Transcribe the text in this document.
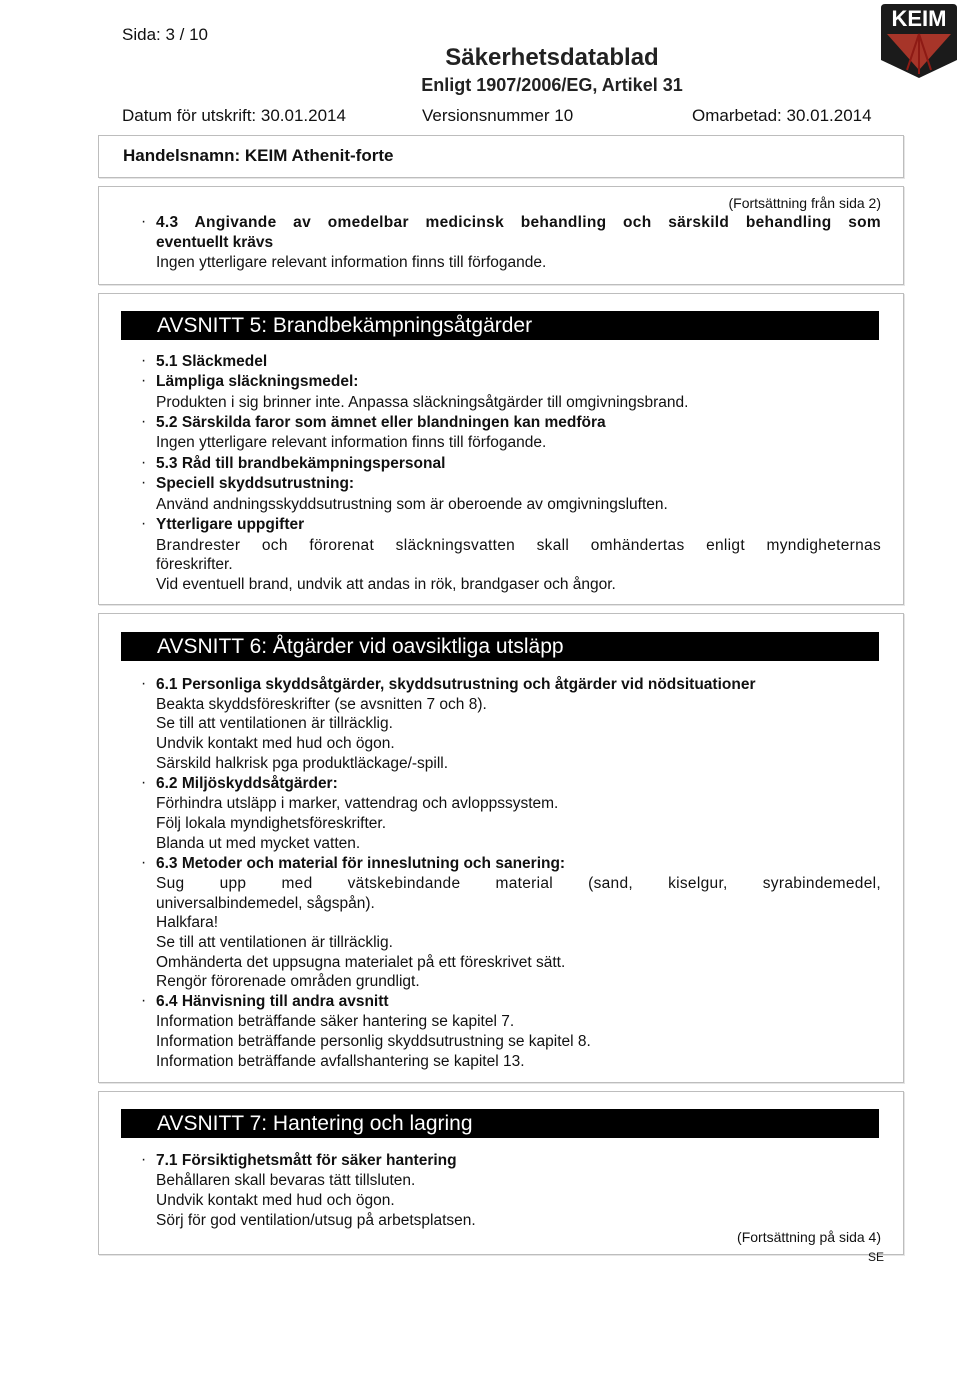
Sida: 3 / 10
Säkerhetsdatablad
Enligt 1907/2006/EG, Artikel 31
Datum för utskrift: 30.01.2014	Versionsnummer 10	Omarbetad: 30.01.2014
KEIM
Handelsnamn: KEIM Athenit-forte
(Fortsättning från sida 2)
· 4.3 Angivande av omedelbar medicinsk behandling och särskild behandling som
eventuellt krävs
Ingen ytterligare relevant information finns till förfogande.
AVSNITT 5: Brandbekämpningsåtgärder
· 5.1 Släckmedel
· Lämpliga släckningsmedel:
Produkten i sig brinner inte. Anpassa släckningsåtgärder till omgivningsbrand.
· 5.2 Särskilda faror som ämnet eller blandningen kan medföra
Ingen ytterligare relevant information finns till förfogande.
· 5.3 Råd till brandbekämpningspersonal
· Speciell skyddsutrustning:
Använd andningsskyddsutrustning som är oberoende av omgivningsluften.
· Ytterligare uppgifter
Brandrester och förorenat släckningsvatten skall omhändertas enligt myndigheternas
föreskrifter.
Vid eventuell brand, undvik att andas in rök, brandgaser och ångor.
AVSNITT 6: Åtgärder vid oavsiktliga utsläpp
· 6.1 Personliga skyddsåtgärder, skyddsutrustning och åtgärder vid nödsituationer
Beakta skyddsföreskrifter (se avsnitten 7 och 8).
Se till att ventilationen är tillräcklig.
Undvik kontakt med hud och ögon.
Särskild halkrisk pga produktläckage/-spill.
· 6.2 Miljöskyddsåtgärder:
Förhindra utsläpp i marker, vattendrag och avloppssystem.
Följ lokala myndighetsföreskrifter.
Blanda ut med mycket vatten.
· 6.3 Metoder och material för inneslutning och sanering:
Sug upp med vätskebindande material (sand, kiselgur, syrabindemedel,
universalbindemedel, sågspån).
Halkfara!
Se till att ventilationen är tillräcklig.
Omhänderta det uppsugna materialet på ett föreskrivet sätt.
Rengör förorenade områden grundligt.
· 6.4 Hänvisning till andra avsnitt
Information beträffande säker hantering se kapitel 7.
Information beträffande personlig skyddsutrustning se kapitel 8.
Information beträffande avfallshantering se kapitel 13.
AVSNITT 7: Hantering och lagring
· 7.1 Försiktighetsmått för säker hantering
Behållaren skall bevaras tätt tillsluten.
Undvik kontakt med hud och ögon.
Sörj för god ventilation/utsug på arbetsplatsen.
(Fortsättning på sida 4)
SE
